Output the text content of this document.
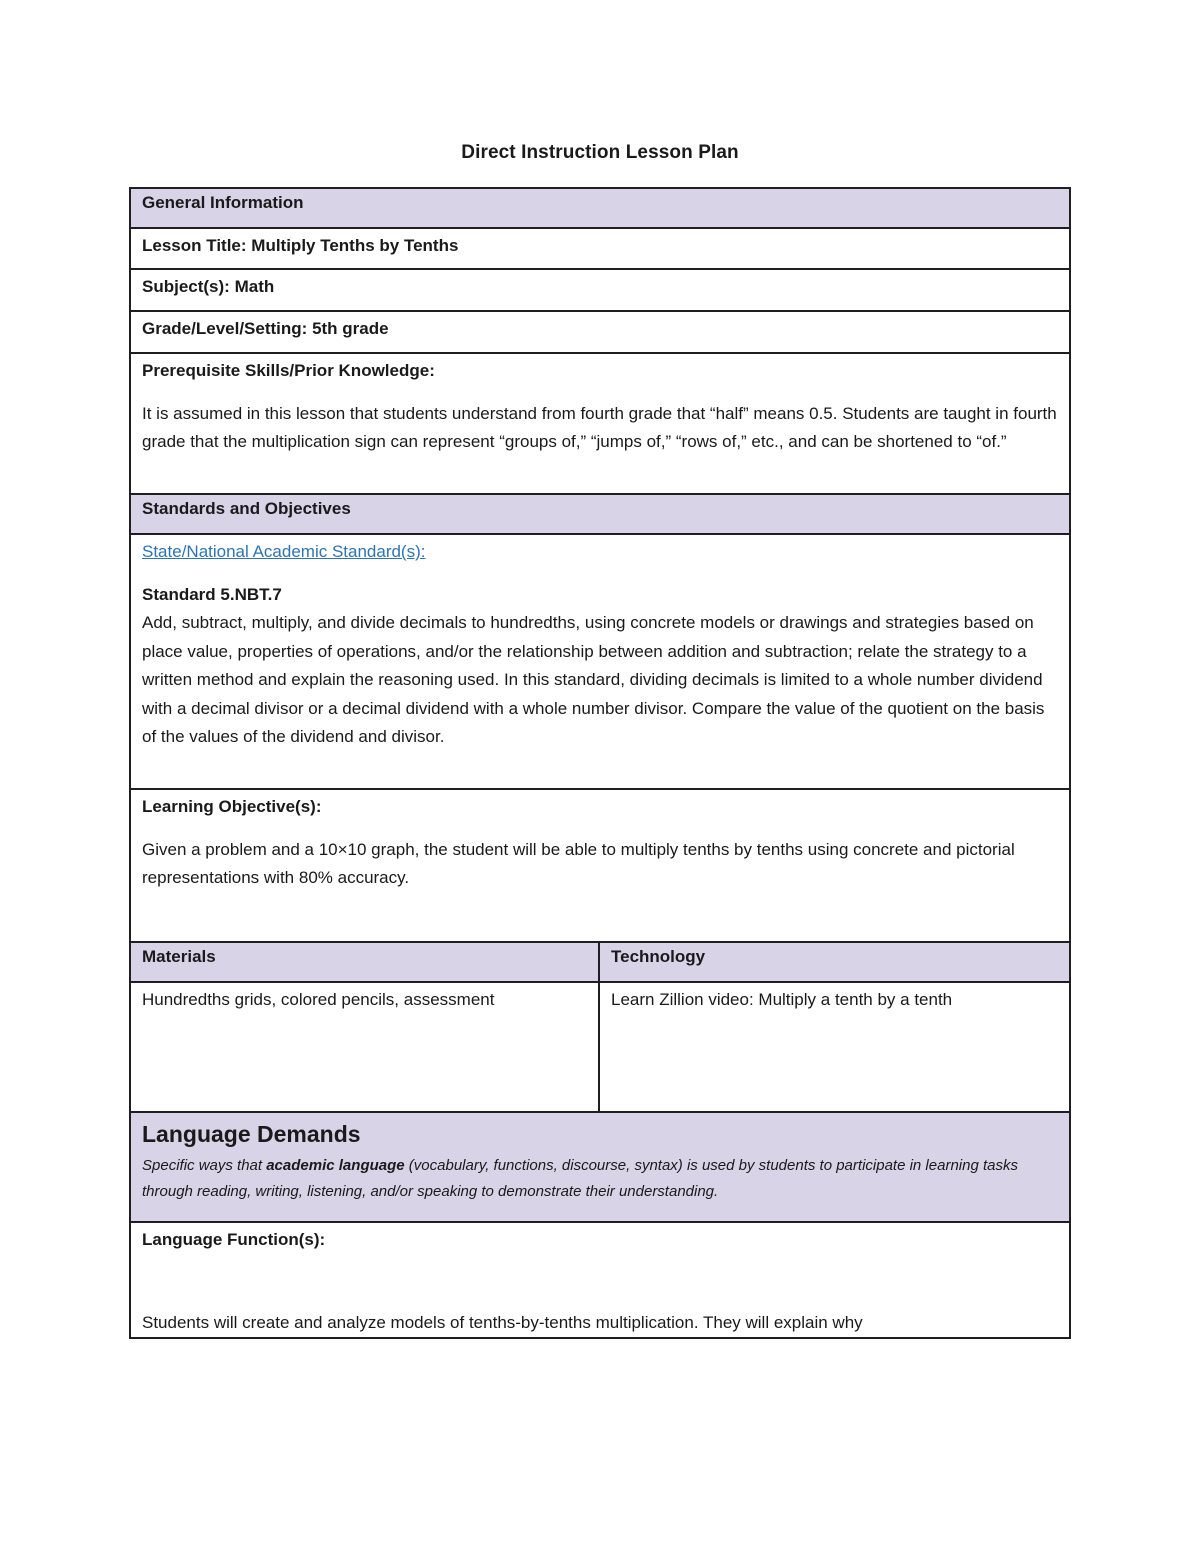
Direct Instruction Lesson Plan
General Information	
Lesson Title: Multiply Tenths by Tenths	
Subject(s): Math	
Grade/Level/Setting: 5th grade	

Prerequisite Skills/Prior Knowledge:

It is assumed in this lesson that students understand from fourth grade that “half” means 0.5. Students are taught in fourth grade that the multiplication sign can represent “groups of,” “jumps of,” “rows of,” etc., and can be shortened to “of.”	

Standards and Objectives	

State/National Academic Standard(s):
Standard 5.NBT.7

Add, subtract, multiply, and divide decimals to hundredths, using concrete models or drawings and strategies based on place value, properties of operations, and/or the relationship between addition and subtraction; relate the strategy to a written method and explain the reasoning used. In this standard, dividing decimals is limited to a whole number dividend with a decimal divisor or a decimal dividend with a whole number divisor. Compare the value of the quotient on the basis of the values of the dividend and divisor.	

Learning Objective(s):

Given a problem and a 10×10 graph, the student will be able to multiply tenths by tenths using concrete and pictorial representations with 80% accuracy.	

Materials	Technology
Hundredths grids, colored pencils, assessment	Learn Zillion video: Multiply a tenth by a tenth

Language Demands
Specific ways that academic language (vocabulary, functions, discourse, syntax) is used by students to participate in learning tasks through reading, writing, listening, and/or speaking to demonstrate their understanding.	

Language Function(s):

Students will create and analyze models of tenths-by-tenths multiplication. They will explain why	
